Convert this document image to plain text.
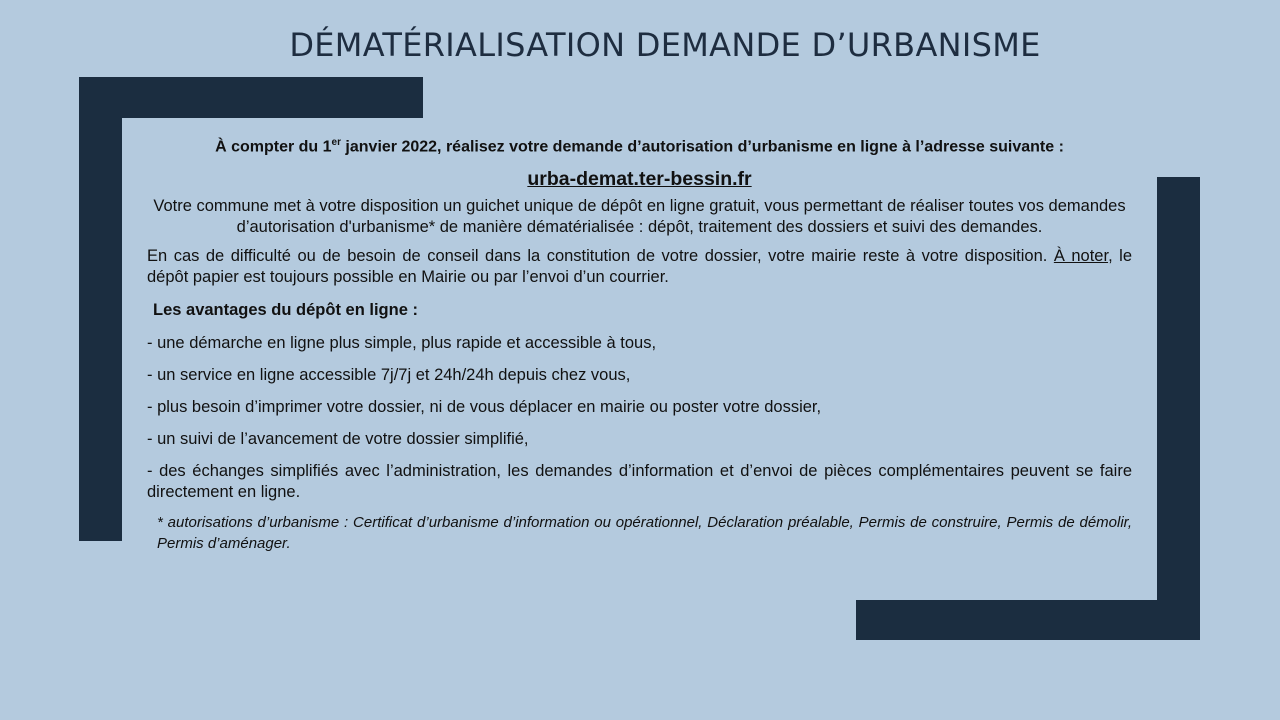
DÉMATÉRIALISATION DEMANDE D’URBANISME

À compter du 1er janvier 2022, réalisez votre demande d’autorisation d’urbanisme en ligne à l’adresse suivante :

urba-demat.ter-bessin.fr

Votre commune met à votre disposition un guichet unique de dépôt en ligne gratuit, vous permettant de réaliser toutes vos demandes d’autorisation d'urbanisme* de manière dématérialisée : dépôt, traitement des dossiers et suivi des demandes.

En cas de difficulté ou de besoin de conseil dans la constitution de votre dossier, votre mairie reste à votre disposition. À noter, le dépôt papier est toujours possible en Mairie ou par l’envoi d’un courrier.

Les avantages du dépôt en ligne :
- une démarche en ligne plus simple, plus rapide et accessible à tous,
- un service en ligne accessible 7j/7j et 24h/24h depuis chez vous,
- plus besoin d’imprimer votre dossier, ni de vous déplacer en mairie ou poster votre dossier,
- un suivi de l’avancement de votre dossier simplifié,
- des échanges simplifiés avec l’administration, les demandes d’information et d’envoi de pièces complémentaires peuvent se faire directement en ligne.
* autorisations d’urbanisme : Certificat d’urbanisme d’information ou opérationnel, Déclaration préalable, Permis de construire, Permis de démolir, Permis d’aménager.
